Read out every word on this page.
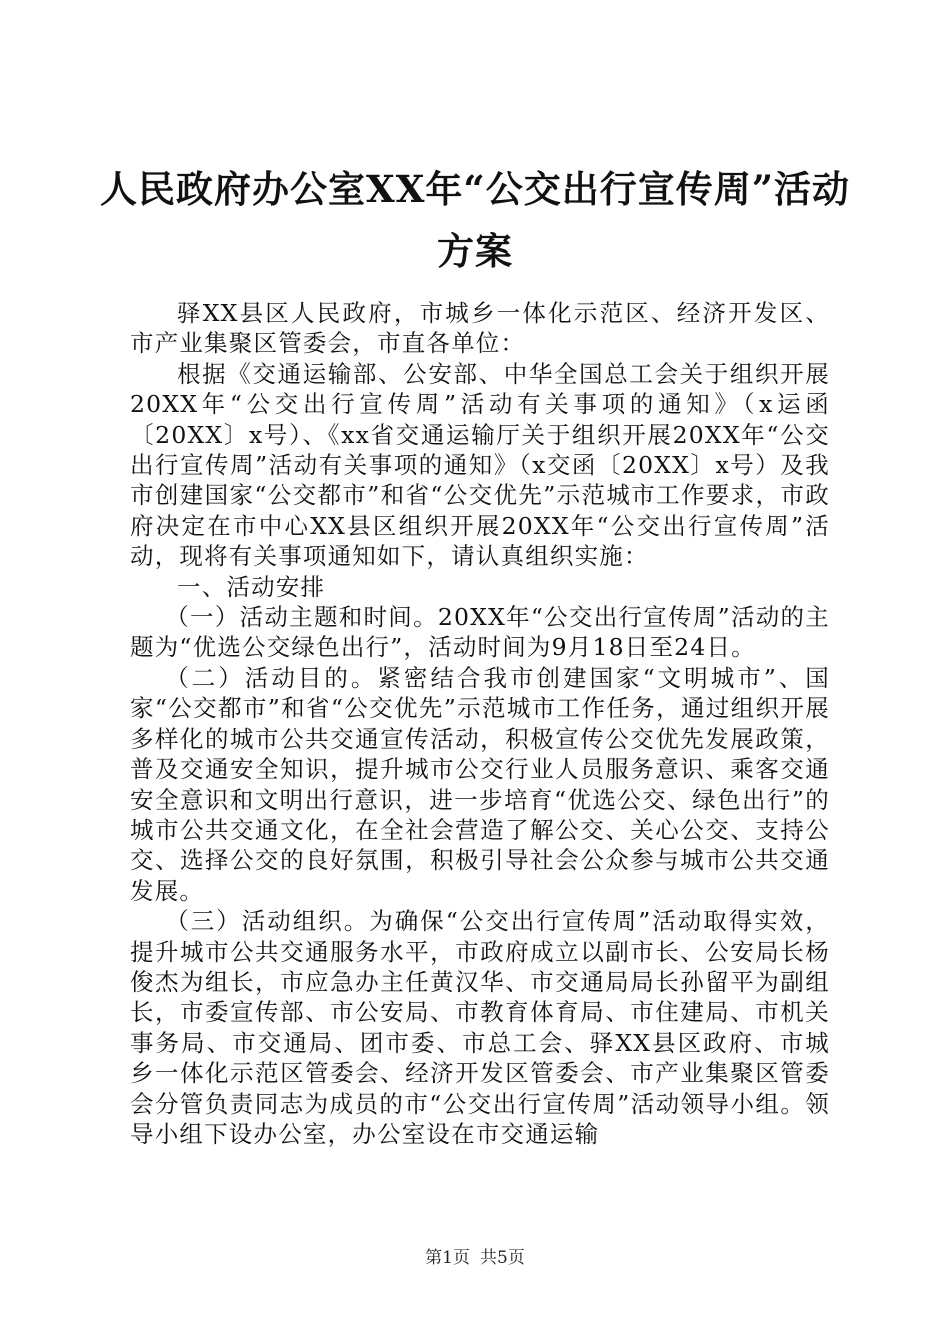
人民政府办公室XX年“公交出行宣传周”活动方案

驿XX县区人民政府，市城乡一体化示范区、经济开发区、市产业集聚区管委会，市直各单位：

根据《交通运输部、公安部、中华全国总工会关于组织开展20XX年“公交出行宣传周”活动有关事项的通知》（x运函〔20XX〕x号）、《xx省交通运输厅关于组织开展20XX年“公交出行宣传周”活动有关事项的通知》（x交函〔20XX〕x号）及我市创建国家“公交都市”和省“公交优先”示范城市工作要求，市政府决定在市中心XX县区组织开展20XX年“公交出行宣传周”活动，现将有关事项通知如下，请认真组织实施：

一、活动安排

（一）活动主题和时间。20XX年“公交出行宣传周”活动的主题为“优选公交绿色出行”，活动时间为9月18日至24日。

（二）活动目的。紧密结合我市创建国家“文明城市”、国家“公交都市”和省“公交优先”示范城市工作任务，通过组织开展多样化的城市公共交通宣传活动，积极宣传公交优先发展政策，普及交通安全知识，提升城市公交行业人员服务意识、乘客交通安全意识和文明出行意识，进一步培育“优选公交、绿色出行”的城市公共交通文化，在全社会营造了解公交、关心公交、支持公交、选择公交的良好氛围，积极引导社会公众参与城市公共交通发展。

（三）活动组织。为确保“公交出行宣传周”活动取得实效，提升城市公共交通服务水平，市政府成立以副市长、公安局长杨俊杰为组长，市应急办主任黄汉华、市交通局局长孙留平为副组长，市委宣传部、市公安局、市教育体育局、市住建局、市机关事务局、市交通局、团市委、市总工会、驿XX县区政府、市城乡一体化示范区管委会、经济开发区管委会、市产业集聚区管委会分管负责同志为成员的市“公交出行宣传周”活动领导小组。领导小组下设办公室，办公室设在市交通运输

第1页 共5页
